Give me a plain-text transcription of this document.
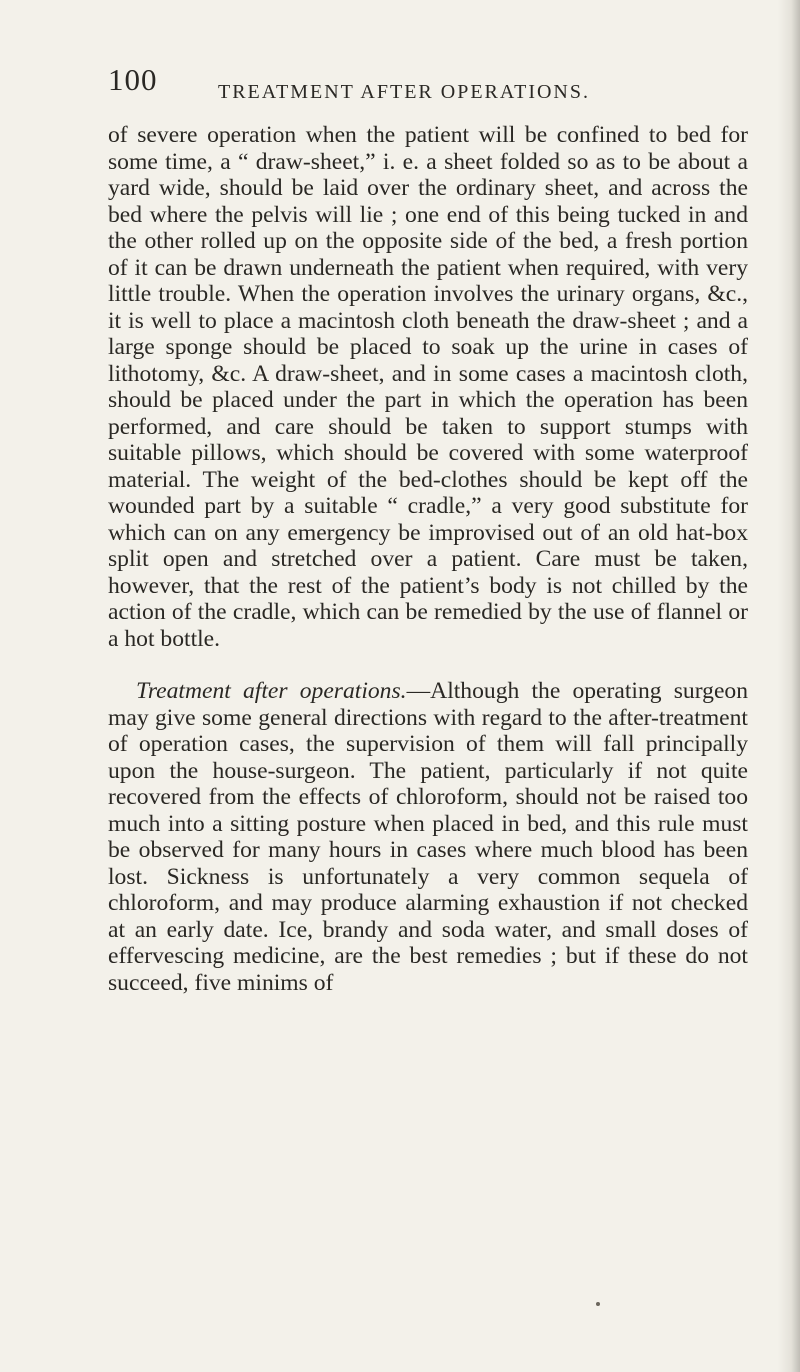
100	TREATMENT AFTER OPERATIONS.

of severe operation when the patient will be confined to bed for some time, a “ draw-sheet,” i. e. a sheet folded so as to be about a yard wide, should be laid over the ordinary sheet, and across the bed where the pelvis will lie ; one end of this being tucked in and the other rolled up on the opposite side of the bed, a fresh portion of it can be drawn underneath the patient when required, with very little trouble. When the operation involves the urinary organs, &c., it is well to place a macintosh cloth beneath the draw-sheet ; and a large sponge should be placed to soak up the urine in cases of lithotomy, &c. A draw-sheet, and in some cases a macintosh cloth, should be placed under the part in which the operation has been performed, and care should be taken to support stumps with suitable pillows, which should be covered with some waterproof material. The weight of the bed-clothes should be kept off the wounded part by a suitable “ cradle,” a very good substitute for which can on any emergency be improvised out of an old hat-box split open and stretched over a patient. Care must be taken, however, that the rest of the patient’s body is not chilled by the action of the cradle, which can be remedied by the use of flannel or a hot bottle.

Treatment after operations.—Although the operating surgeon may give some general directions with regard to the after-treatment of operation cases, the supervision of them will fall principally upon the house-surgeon. The patient, particularly if not quite recovered from the effects of chloroform, should not be raised too much into a sitting posture when placed in bed, and this rule must be observed for many hours in cases where much blood has been lost. Sickness is unfortunately a very common sequela of chloroform, and may produce alarming exhaustion if not checked at an early date. Ice, brandy and soda water, and small doses of effervescing medicine, are the best remedies ; but if these do not succeed, five minims of
